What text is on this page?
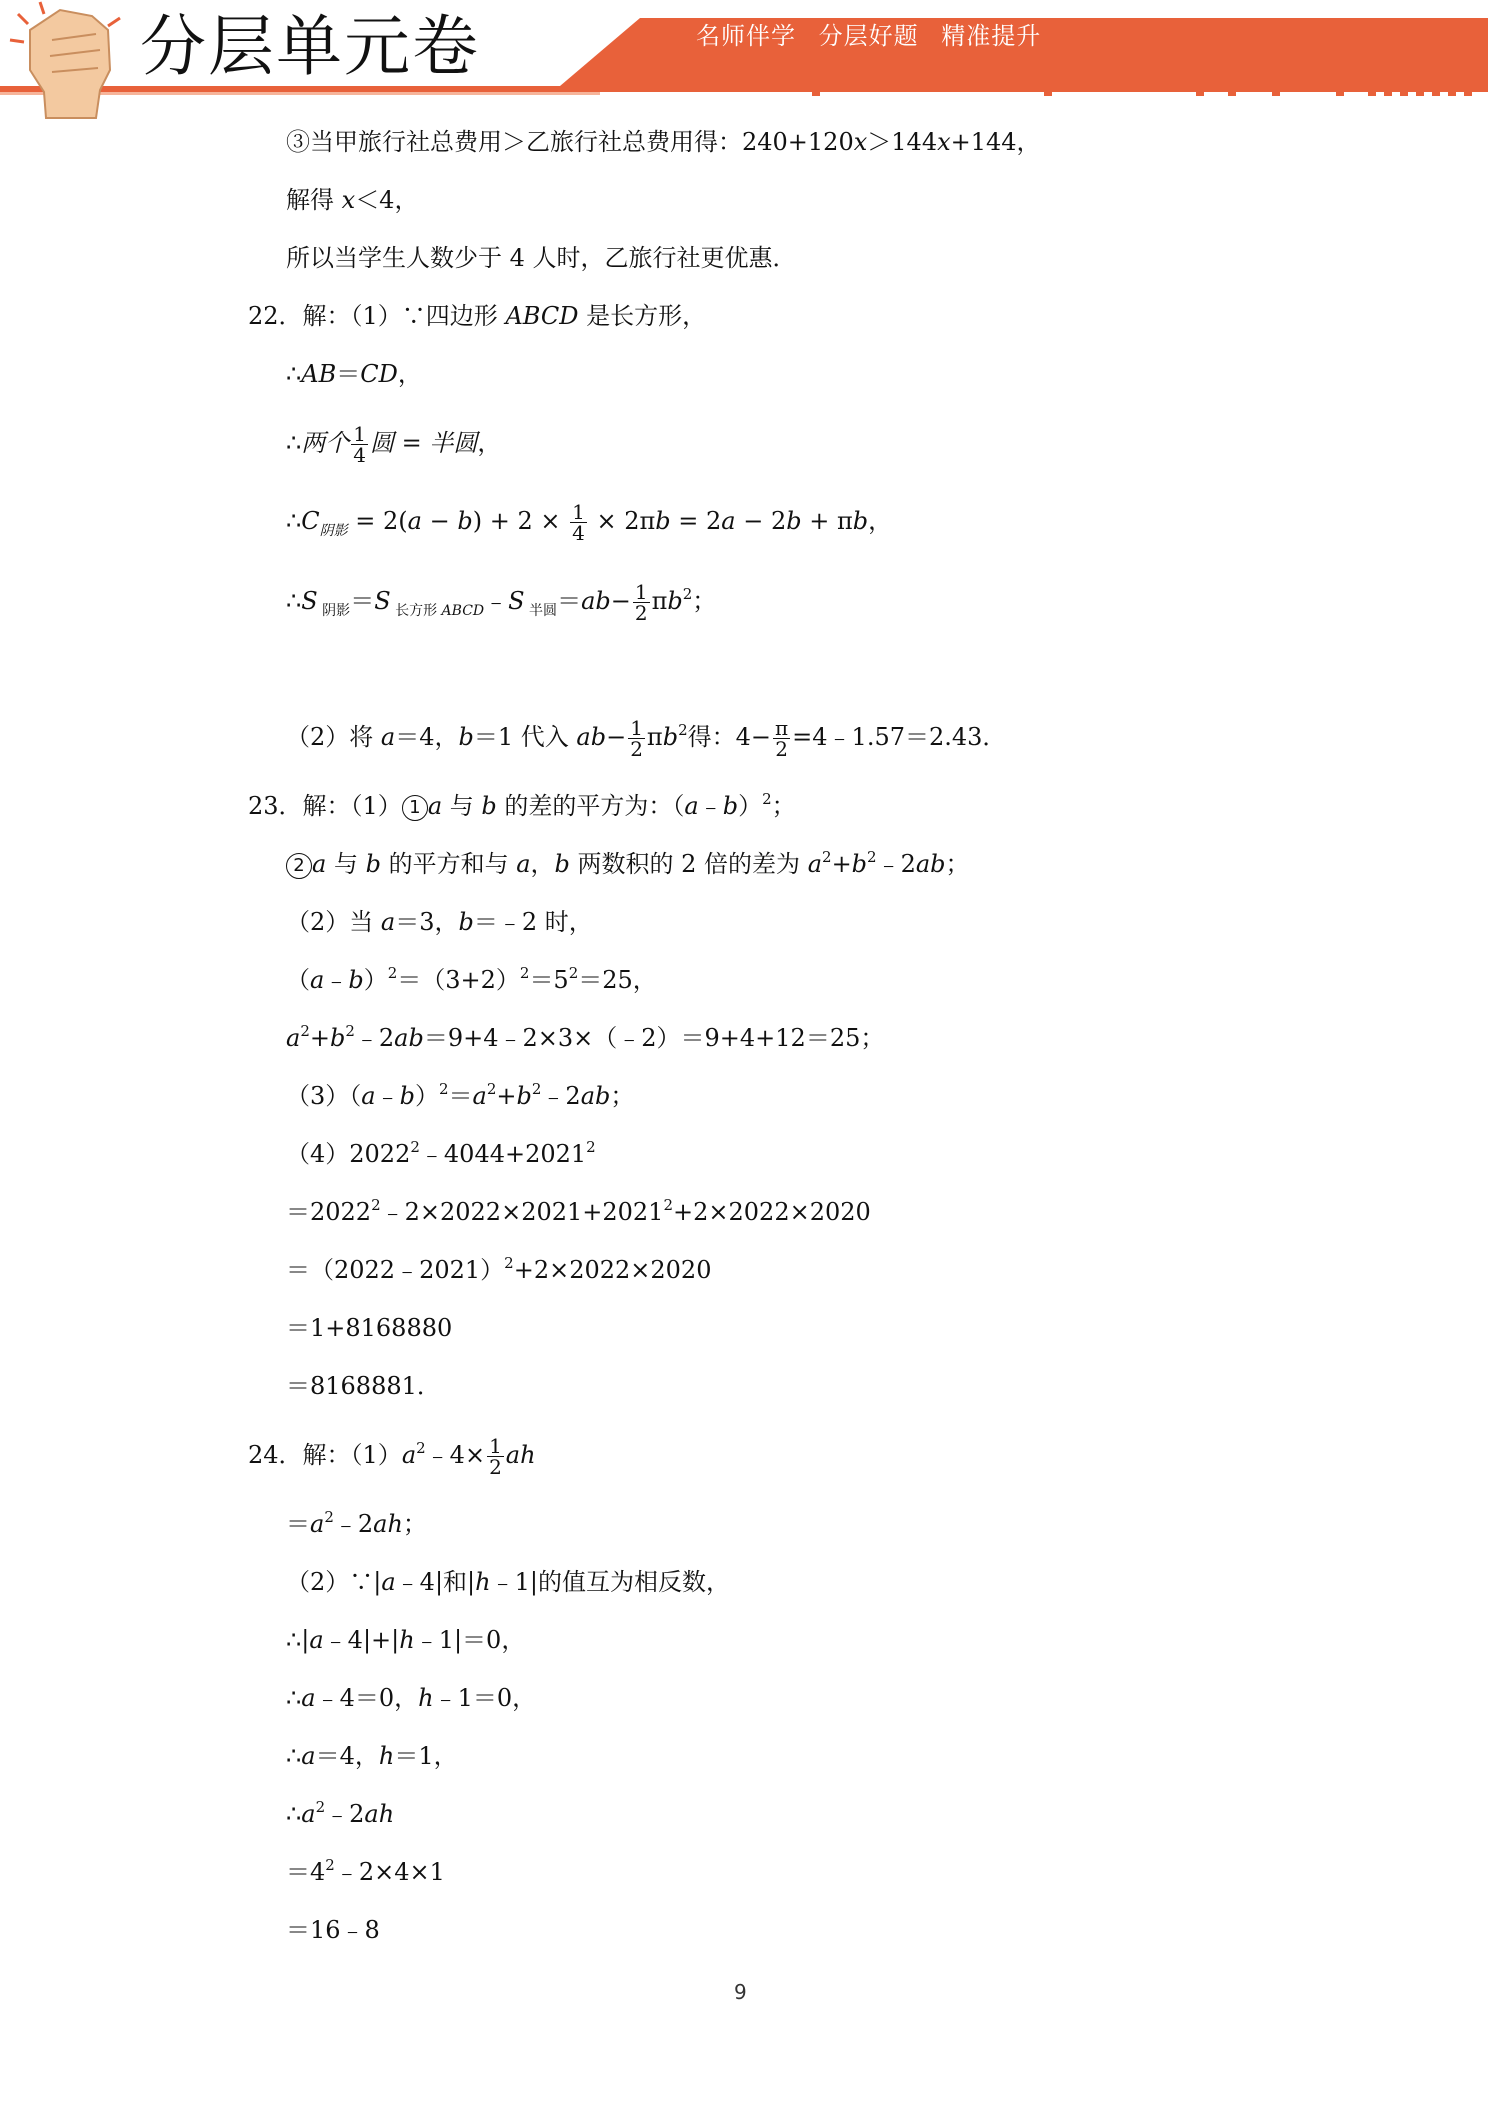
分层单元卷	名师伴学 分层好题 精准提升
③当甲旅行社总费用＞乙旅行社总费用得：240+120x＞144x+144，
解得 x＜4，
所以当学生人数少于 4 人时，乙旅行社更优惠．
22．解：（1）∵四边形 ABCD 是长方形，
∴AB＝CD，
∴两个 $\frac{1}{4}$ 圆 = 半圆，
$\therefore C_{阴影} = 2(a - b) + 2 \times \frac{1}{4} \times 2\pi b = 2a - 2b + \pi b$，
∴S $_{阴影}$＝S $_{长方形 ABCD}$﹣S $_{半圆}=ab- \frac{1}{2} \pi b^2$；
（2）将 a＝4，b＝1 代入 $ab- \frac{1}{2} \pi b^2$得：$4- \frac{\pi}{2}$ =4﹣1.57＝2.43．
23．解：（1） 1 a 与 b 的差的平方为：（a﹣b）$^2$；
2 a 与 b 的平方和与 a，b 两数积的 2 倍的差为 $a^2+b^2﹣2ab$；
（2）当 a＝3，b＝﹣2 时，
$(a﹣b)^2=(3+2)^2=5^2=25$，
$a^2+b^2﹣2ab=9+4﹣2\times 3\times(﹣2)=9+4+12=25$；
$(3)(a﹣b)^2=a^2+b^2﹣2ab$；
$(4)2022^2﹣4044+2021^2$
$=2022^2﹣2\times 2022\times 2021+2021^2+2\times 2022\times 2020$
＝（2022﹣2021）$^2$+2×2022×2020
＝1+8168880
＝8168881．
24．解：$(1)a^2﹣4\times \frac{1}{2}$ ah
$=a^2﹣2ah$；
（2）∵|a﹣4|和|h﹣1|的值互为相反数，
∴|a﹣4|+|h﹣1|＝0，
∴a﹣4＝0，h﹣1＝0，
∴a＝4，h＝1，
$\therefore a^2﹣2ah$
$=4^2﹣2\times 4\times 1$
＝16﹣8
9
